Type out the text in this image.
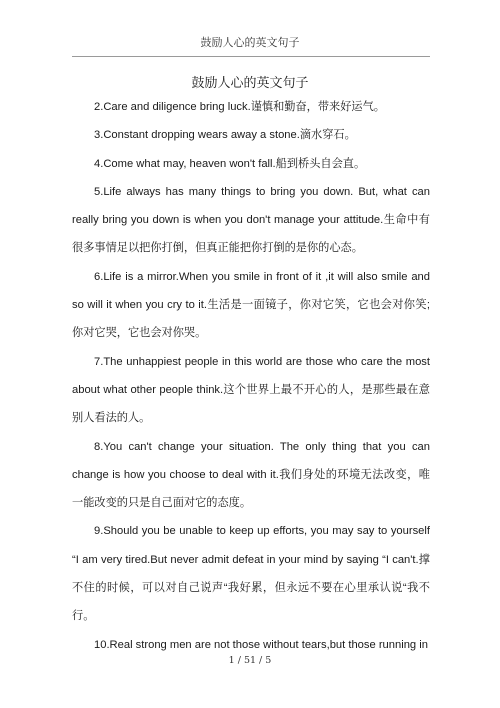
鼓励人心的英文句子
鼓励人心的英文句子

2.Care and diligence bring luck.谨慎和勤奋，带来好运气。

3.Constant dropping wears away a stone.滴水穿石。

4.Come what may, heaven won't fall.船到桥头自会直。

5.Life always has many things to bring you down. But, what can really bring you down is when you don't manage your attitude.生命中有很多事情足以把你打倒，但真正能把你打倒的是你的心态。

6.Life is a mirror.When you smile in front of it ,it will also smile and so will it when you cry to it.生活是一面镜子，你对它笑，它也会对你笑;你对它哭，它也会对你哭。

7.The unhappiest people in this world are those who care the most about what other people think.这个世界上最不开心的人，是那些最在意别人看法的人。

8.You can't change your situation. The only thing that you can change is how you choose to deal with it.我们身处的环境无法改变，唯一能改变的只是自己面对它的态度。

9.Should you be unable to keep up efforts, you may say to yourself “I am very tired.But never admit defeat in your mind by saying “I can't.撑不住的时候，可以对自己说声“我好累，但永远不要在心里承认说“我不行。

10.Real strong men are not those without tears,but those running in

1 / 51 / 5
